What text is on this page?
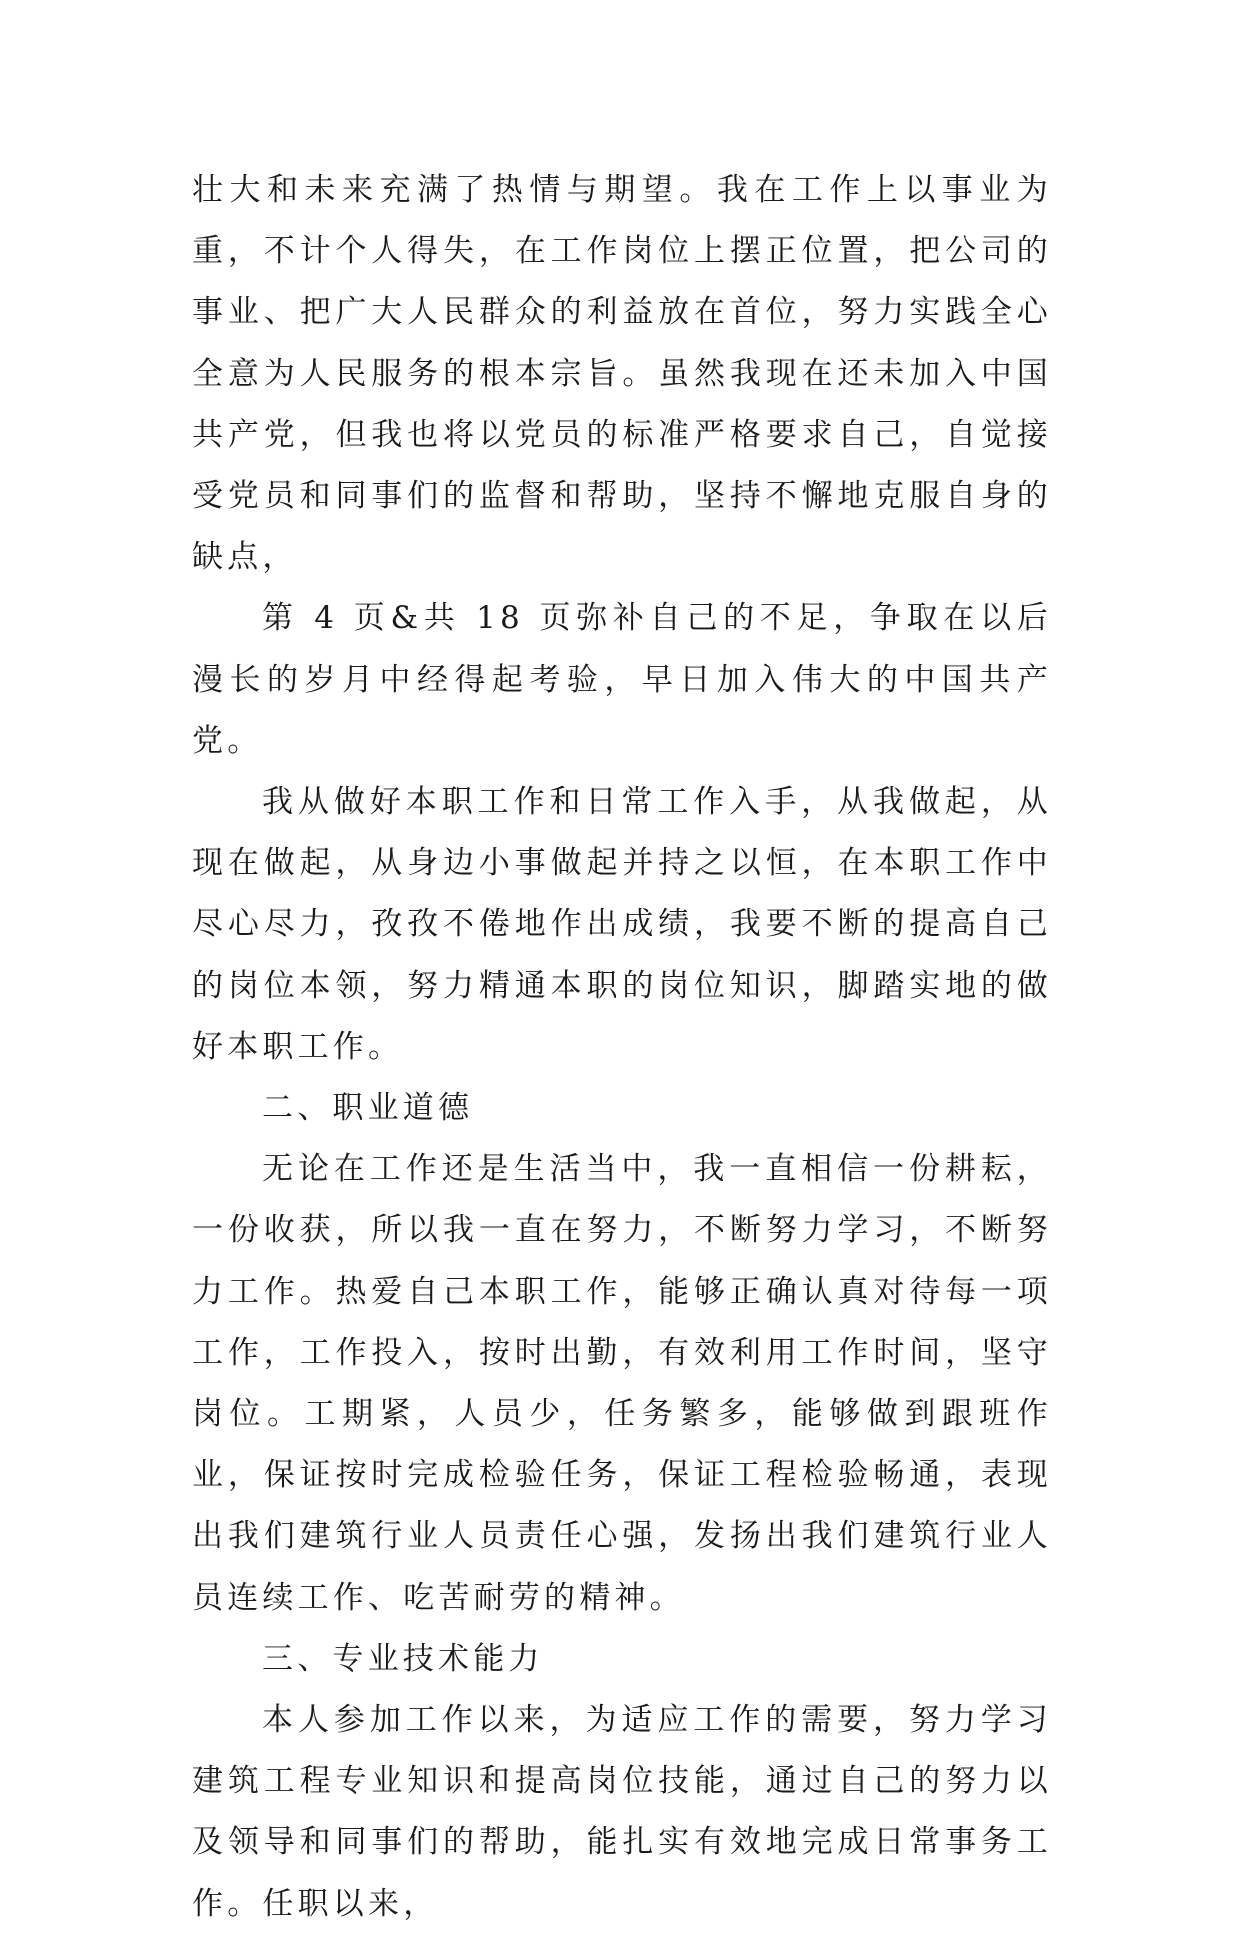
壮大和未来充满了热情与期望。我在工作上以事业为重，不计个人得失，在工作岗位上摆正位置，把公司的事业、把广大人民群众的利益放在首位，努力实践全心全意为人民服务的根本宗旨。虽然我现在还未加入中国共产党，但我也将以党员的标准严格要求自己，自觉接受党员和同事们的监督和帮助，坚持不懈地克服自身的缺点，

第 4 页&共 18 页弥补自己的不足，争取在以后漫长的岁月中经得起考验，早日加入伟大的中国共产党。

我从做好本职工作和日常工作入手，从我做起，从现在做起，从身边小事做起并持之以恒，在本职工作中尽心尽力，孜孜不倦地作出成绩，我要不断的提高自己的岗位本领，努力精通本职的岗位知识，脚踏实地的做好本职工作。

二、职业道德

无论在工作还是生活当中，我一直相信一份耕耘，一份收获，所以我一直在努力，不断努力学习，不断努力工作。热爱自己本职工作，能够正确认真对待每一项工作，工作投入，按时出勤，有效利用工作时间，坚守岗位。工期紧，人员少，任务繁多，能够做到跟班作业，保证按时完成检验任务，保证工程检验畅通，表现出我们建筑行业人员责任心强，发扬出我们建筑行业人员连续工作、吃苦耐劳的精神。

三、专业技术能力

本人参加工作以来，为适应工作的需要，努力学习建筑工程专业知识和提高岗位技能，通过自己的努力以及领导和同事们的帮助，能扎实有效地完成日常事务工作。任职以来，
